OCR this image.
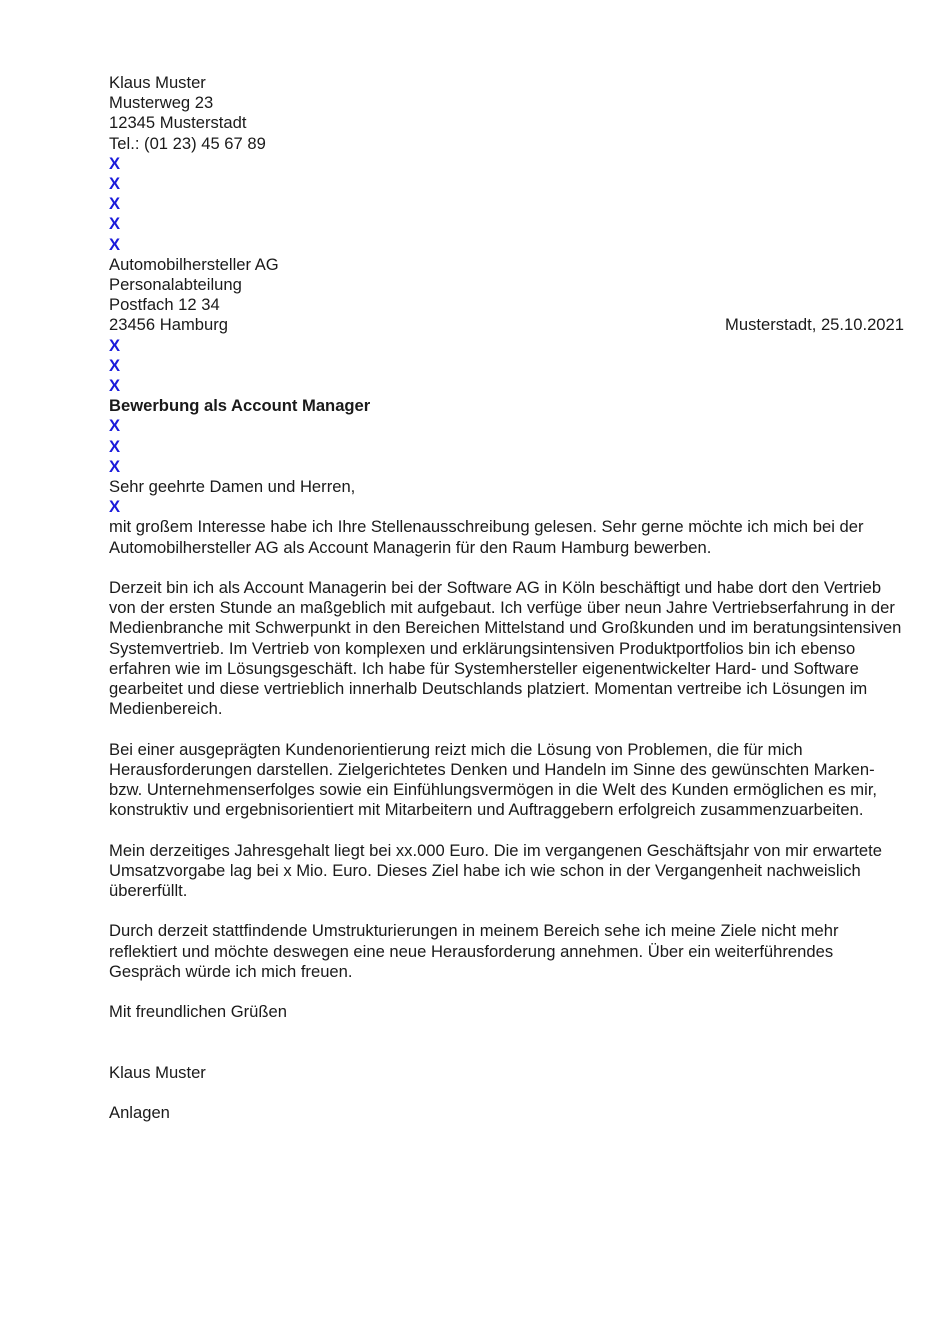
Klaus Muster
Musterweg 23
12345 Musterstadt
Tel.: (01 23) 45 67 89
X
X
X
X
X
Automobilhersteller AG
Personalabteilung
Postfach 12 34
23456 Hamburg	Musterstadt, 25.10.2021
X
X
X
Bewerbung als Account Manager
X
X
X
Sehr geehrte Damen und Herren,
X

mit großem Interesse habe ich Ihre Stellenausschreibung gelesen. Sehr gerne möchte ich mich bei der Automobilhersteller AG als Account Managerin für den Raum Hamburg bewerben.

Derzeit bin ich als Account Managerin bei der Software AG in Köln beschäftigt und habe dort den Vertrieb von der ersten Stunde an maßgeblich mit aufgebaut. Ich verfüge über neun Jahre Vertriebserfahrung in der Medienbranche mit Schwerpunkt in den Bereichen Mittelstand und Großkunden und im beratungsintensiven Systemvertrieb. Im Vertrieb von komplexen und erklärungsintensiven Produktportfolios bin ich ebenso erfahren wie im Lösungsgeschäft. Ich habe für Systemhersteller eigenentwickelter Hard- und Software gearbeitet und diese vertrieblich innerhalb Deutschlands platziert. Momentan vertreibe ich Lösungen im Medienbereich.

Bei einer ausgeprägten Kundenorientierung reizt mich die Lösung von Problemen, die für mich Herausforderungen darstellen. Zielgerichtetes Denken und Handeln im Sinne des gewünschten Marken- bzw. Unternehmenserfolges sowie ein Einfühlungsvermögen in die Welt des Kunden ermöglichen es mir, konstruktiv und ergebnisorientiert mit Mitarbeitern und Auftraggebern erfolgreich zusammenzuarbeiten.

Mein derzeitiges Jahresgehalt liegt bei xx.000 Euro. Die im vergangenen Geschäftsjahr von mir erwartete Umsatzvorgabe lag bei x Mio. Euro. Dieses Ziel habe ich wie schon in der Vergangenheit nachweislich übererfüllt.

Durch derzeit stattfindende Umstrukturierungen in meinem Bereich sehe ich meine Ziele nicht mehr reflektiert und möchte deswegen eine neue Herausforderung annehmen. Über ein weiterführendes Gespräch würde ich mich freuen.

Mit freundlichen Grüßen
Klaus Muster
Anlagen
